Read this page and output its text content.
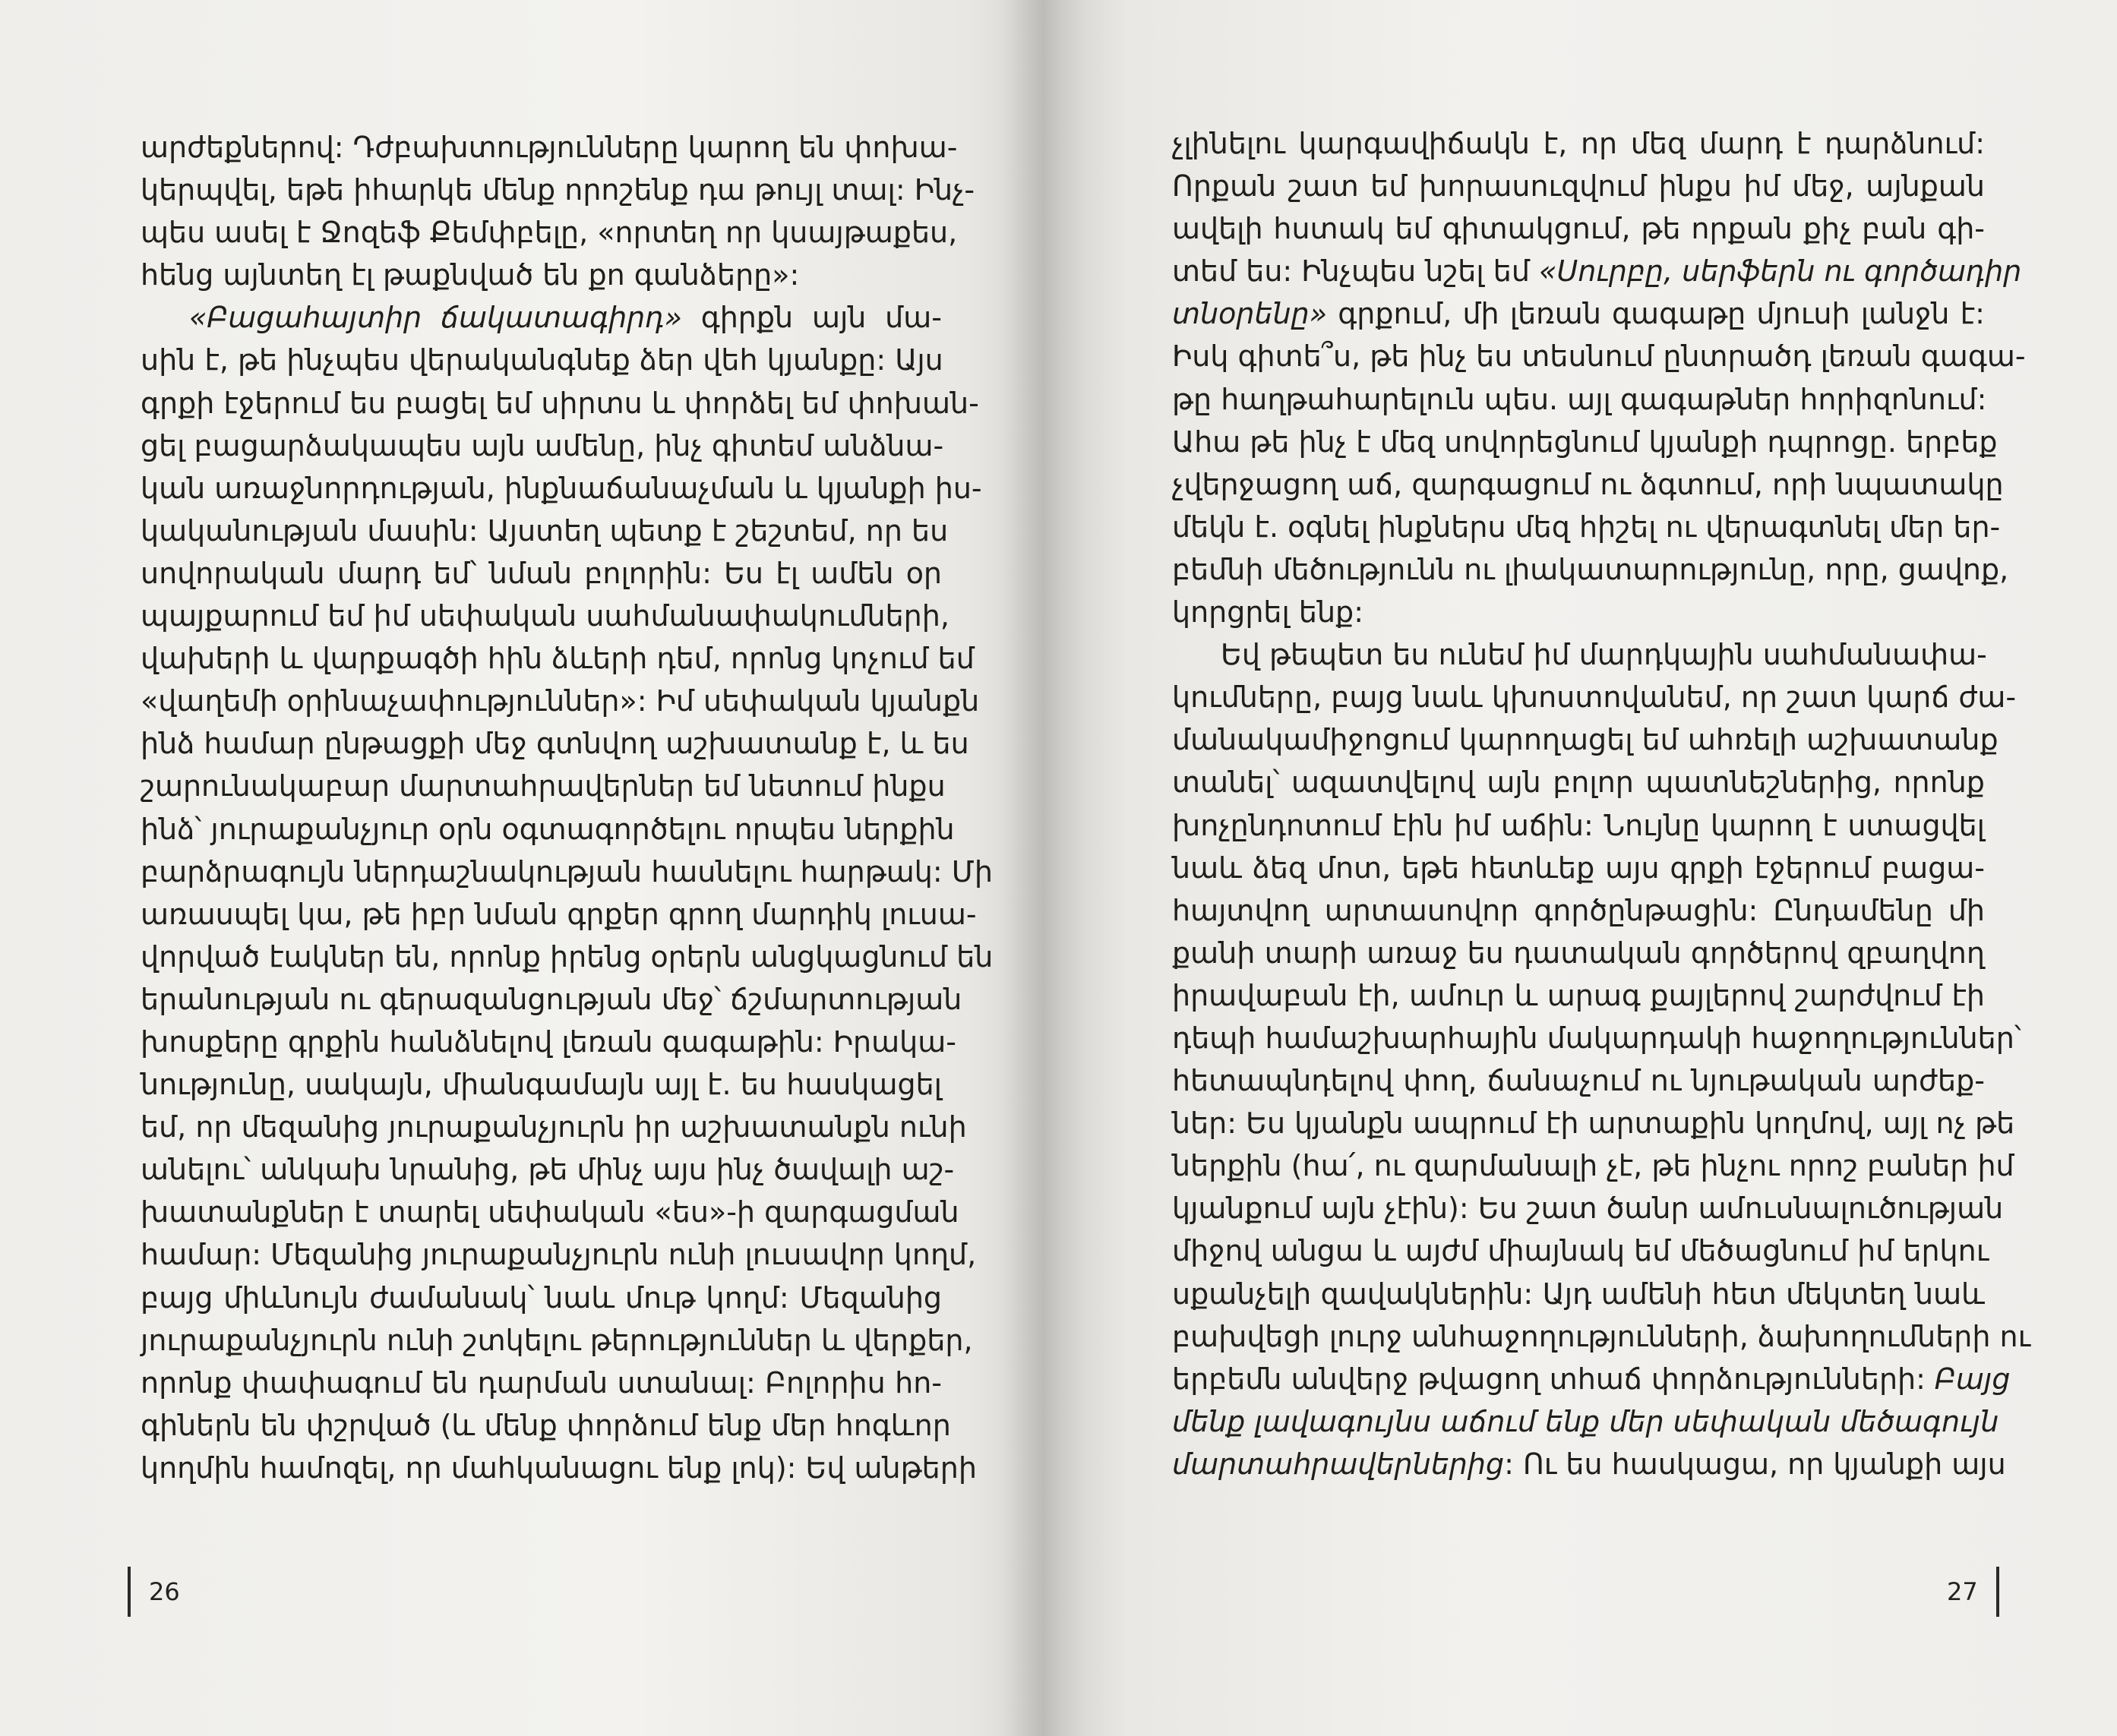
արժեքներով: Դժբախտությունները կարող են փոխա-
կերպվել, եթե իհարկե մենք որոշենք դա թույլ տալ: Ինչ-
պես ասել է Ջոզեֆ Քեմփբելը, «որտեղ որ կսայթաքես,
հենց այնտեղ էլ թաքնված են քո գանձերը»:
«Բացահայտիր ճակատագիրդ» գիրքն այն մա-
սին է, թե ինչպես վերականգնեք ձեր վեհ կյանքը: Այս
գրքի էջերում ես բացել եմ սիրտս և փորձել եմ փոխան-
ցել բացարձակապես այն ամենը, ինչ գիտեմ անձնա-
կան առաջնորդության, ինքնաճանաչման և կյանքի իս-
կականության մասին: Այստեղ պետք է շեշտեմ, որ ես
սովորական մարդ եմ՝ նման բոլորին: Ես էլ ամեն օր
պայքարում եմ իմ սեփական սահմանափակումների,
վախերի և վարքագծի հին ձևերի դեմ, որոնց կոչում եմ
«վաղեմի օրինաչափություններ»: Իմ սեփական կյանքն
ինձ համար ընթացքի մեջ գտնվող աշխատանք է, և ես
շարունակաբար մարտահրավերներ եմ նետում ինքս
ինձ՝ յուրաքանչյուր օրն օգտագործելու որպես ներքին
բարձրագույն ներդաշնակության հասնելու հարթակ: Մի
առասպել կա, թե իբր նման գրքեր գրող մարդիկ լուսա-
վորված էակներ են, որոնք իրենց օրերն անցկացնում են
երանության ու գերազանցության մեջ՝ ճշմարտության
խոսքերը գրքին հանձնելով լեռան գագաթին: Իրակա-
նությունը, սակայն, միանգամայն այլ է. ես հասկացել
եմ, որ մեզանից յուրաքանչյուրն իր աշխատանքն ունի
անելու՝ անկախ նրանից, թե մինչ այս ինչ ծավալի աշ-
խատանքներ է տարել սեփական «ես»-ի զարգացման
համար: Մեզանից յուրաքանչյուրն ունի լուսավոր կողմ,
բայց միևնույն ժամանակ՝ նաև մութ կողմ: Մեզանից
յուրաքանչյուրն ունի շտկելու թերություններ և վերքեր,
որոնք փափագում են դարման ստանալ: Բոլորիս հո-
գիներն են փշրված (և մենք փորձում ենք մեր հոգևոր
կողմին համոզել, որ մահկանացու ենք լոկ): Եվ անթերի
չլինելու կարգավիճակն է, որ մեզ մարդ է դարձնում:
Որքան շատ եմ խորասուզվում ինքս իմ մեջ, այնքան
ավելի հստակ եմ գիտակցում, թե որքան քիչ բան գի-
տեմ ես: Ինչպես նշել եմ «Սուրբը, սերֆերն ու գործադիր
տնօրենը» գրքում, մի լեռան գագաթը մյուսի լանջն է:
Իսկ գիտե՞ս, թե ինչ ես տեսնում ընտրածդ լեռան գագա-
թը հաղթահարելուն պես. այլ գագաթներ հորիզոնում:
Ահա թե ինչ է մեզ սովորեցնում կյանքի դպրոցը. երբեք
չվերջացող աճ, զարգացում ու ձգտում, որի նպատակը
մեկն է. օգնել ինքներս մեզ հիշել ու վերագտնել մեր եր-
բեմնի մեծությունն ու լիակատարությունը, որը, ցավոք,
կորցրել ենք:
Եվ թեպետ ես ունեմ իմ մարդկային սահմանափա-
կումները, բայց նաև կխոստովանեմ, որ շատ կարճ ժա-
մանակամիջոցում կարողացել եմ ահռելի աշխատանք
տանել՝ ազատվելով այն բոլոր պատնեշներից, որոնք
խոչընդոտում էին իմ աճին: Նույնը կարող է ստացվել
նաև ձեզ մոտ, եթե հետևեք այս գրքի էջերում բացա-
հայտվող արտասովոր գործընթացին: Ընդամենը մի
քանի տարի առաջ ես դատական գործերով զբաղվող
իրավաբան էի, ամուր և արագ քայլերով շարժվում էի
դեպի համաշխարհային մակարդակի հաջողություններ՝
հետապնդելով փող, ճանաչում ու նյութական արժեք-
ներ: Ես կյանքն ապրում էի արտաքին կողմով, այլ ոչ թե
ներքին (հա՛, ու զարմանալի չէ, թե ինչու որոշ բաներ իմ
կյանքում այն չէին): Ես շատ ծանր ամուսնալուծության
միջով անցա և այժմ միայնակ եմ մեծացնում իմ երկու
սքանչելի զավակներին: Այդ ամենի հետ մեկտեղ նաև
բախվեցի լուրջ անհաջողությունների, ձախողումների ու
երբեմն անվերջ թվացող տհաճ փորձությունների: Բայց
մենք լավագույնս աճում ենք մեր սեփական մեծագույն
մարտահրավերներից: Ու ես հասկացա, որ կյանքի այս
26	27
